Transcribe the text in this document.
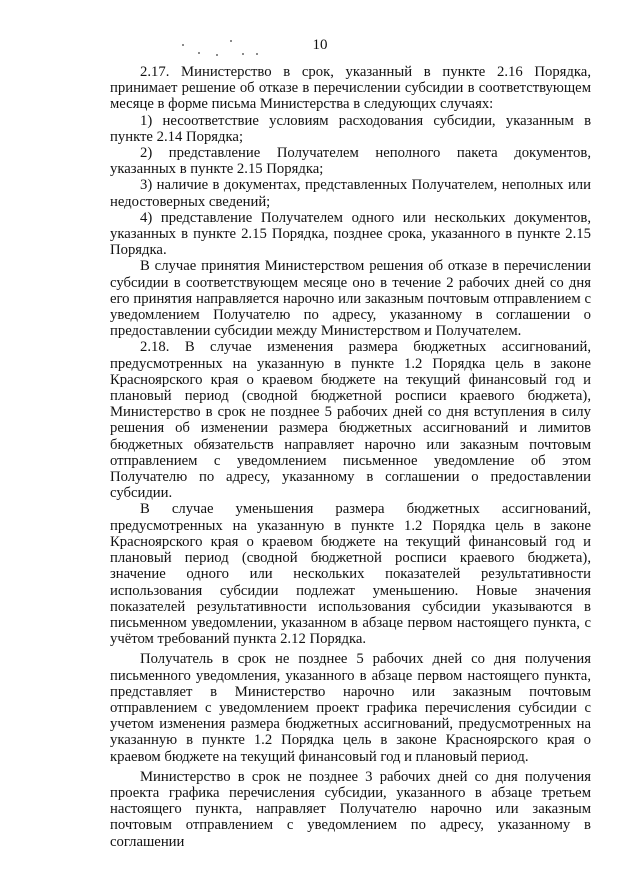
10

2.17. Министерство в срок, указанный в пункте 2.16 Порядка, принимает решение об отказе в перечислении субсидии в соответствующем месяце в форме письма Министерства в следующих случаях:

1) несоответствие условиям расходования субсидии, указанным в пункте 2.14 Порядка;

2) представление Получателем неполного пакета документов, указанных в пункте 2.15 Порядка;

3) наличие в документах, представленных Получателем, неполных или недостоверных сведений;

4) представление Получателем одного или нескольких документов, указанных в пункте 2.15 Порядка, позднее срока, указанного в пункте 2.15 Порядка.

В случае принятия Министерством решения об отказе в перечислении субсидии в соответствующем месяце оно в течение 2 рабочих дней со дня его принятия направляется нарочно или заказным почтовым отправлением с уведомлением Получателю по адресу, указанному в соглашении о предоставлении субсидии между Министерством и Получателем.

2.18. В случае изменения размера бюджетных ассигнований, предусмотренных на указанную в пункте 1.2 Порядка цель в законе Красноярского края о краевом бюджете на текущий финансовый год и плановый период (сводной бюджетной росписи краевого бюджета), Министерство в срок не позднее 5 рабочих дней со дня вступления в силу решения об изменении размера бюджетных ассигнований и лимитов бюджетных обязательств направляет нарочно или заказным почтовым отправлением с уведомлением письменное уведомление об этом Получателю по адресу, указанному в соглашении о предоставлении субсидии.

В случае уменьшения размера бюджетных ассигнований, предусмотренных на указанную в пункте 1.2 Порядка цель в законе Красноярского края о краевом бюджете на текущий финансовый год и плановый период (сводной бюджетной росписи краевого бюджета), значение одного или нескольких показателей результативности использования субсидии подлежат уменьшению. Новые значения показателей результативности использования субсидии указываются в письменном уведомлении, указанном в абзаце первом настоящего пункта, с учётом требований пункта 2.12 Порядка.

Получатель в срок не позднее 5 рабочих дней со дня получения письменного уведомления, указанного в абзаце первом настоящего пункта, представляет в Министерство нарочно или заказным почтовым отправлением с уведомлением проект графика перечисления субсидии с учетом изменения размера бюджетных ассигнований, предусмотренных на указанную в пункте 1.2 Порядка цель в законе Красноярского края о краевом бюджете на текущий финансовый год и плановый период.

Министерство в срок не позднее 3 рабочих дней со дня получения проекта графика перечисления субсидии, указанного в абзаце третьем настоящего пункта, направляет Получателю нарочно или заказным почтовым отправлением с уведомлением по адресу, указанному в соглашении
